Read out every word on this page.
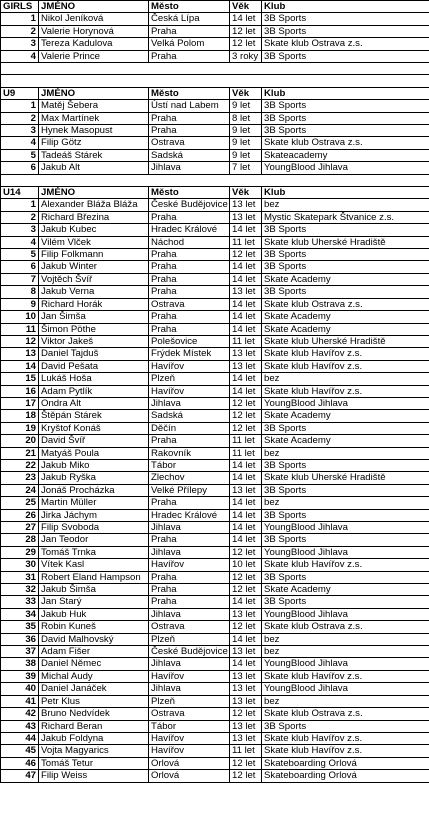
GIRLS	JMÉNO	Město	Věk	Klub
1	Nikol Jeníková	Česká Lípa	14 let	3B Sports
2	Valerie Horynová	Praha	12 let	3B Sports
3	Tereza Kadulova	Velká Polom	12 let	Skate klub Ostrava z.s.
4	Valerie Prince	Praha	3 roky	3B Sports

U9	JMÉNO	Město	Věk	Klub
1	Matěj Šebera	Ústí nad Labem	9 let	3B Sports
2	Max Martínek	Praha	8 let	3B Sports
3	Hynek Masopust	Praha	9 let	3B Sports
4	Filip Götz	Ostrava	9 let	Skate klub Ostrava z.s.
5	Tadeáš Stárek	Sadská	9 let	Skateacademy
6	Jakub Alt	Jihlava	7 let	YoungBlood Jihlava

U14	JMÉNO	Město	Věk	Klub
1	Alexander Bláža Bláža	České Budějovice	13 let	bez
2	Richard Březina	Praha	13 let	Mystic Skatepark Štvanice z.s.
3	Jakub Kubec	Hradec Králové	14 let	3B Sports
4	Vilém Vlček	Náchod	11 let	Skate klub Uherské Hradiště
5	Filip Folkmann	Praha	12 let	3B Sports
6	Jakub Winter	Praha	14 let	3B Sports
7	Vojtěch Švíř	Praha	14 let	Skate Academy
8	Jakub Verna	Praha	13 let	3B Sports
9	Richard Horák	Ostrava	14 let	Skate klub Ostrava z.s.
10	Jan Šimša	Praha	14 let	Skate Academy
11	Šimon Pöthe	Praha	14 let	Skate Academy
12	Viktor Jakeš	Polešovice	11 let	Skate klub Uherské Hradiště
13	Daniel Tajduš	Frýdek Místek	13 let	Skate klub Havířov z.s.
14	David Pešata	Havířov	13 let	Skate klub Havířov z.s.
15	Lukáš Hoša	Plzeň	14 let	bez
16	Adam Pytlík	Havířov	14 let	Skate klub Havířov z.s.
17	Ondra Alt	Jihlava	12 let	YoungBlood Jihlava
18	Štěpán Stárek	Sadská	12 let	Skate Academy
19	Kryštof Konáš	Děčín	12 let	3B Sports
20	David Švíř	Praha	11 let	Skate Academy
21	Matyáš Poula	Rakovník	11 let	bez
22	Jakub Miko	Tábor	14 let	3B Sports
23	Jakub Ryška	Zlechov	14 let	Skate klub Uherské Hradiště
24	Jonáš Procházka	Velké Přílepy	13 let	3B Sports
25	Martin Müller	Praha	14 let	bez
26	Jirka Jáchym	Hradec Králové	14 let	3B Sports
27	Filip Svoboda	Jihlava	14 let	YoungBlood Jihlava
28	Jan Teodor	Praha	14 let	3B Sports
29	Tomáš Trnka	Jihlava	12 let	YoungBlood Jihlava
30	Vítek Kasl	Havířov	10 let	Skate klub Havířov z.s.
31	Robert Eland Hampson	Praha	12 let	3B Sports
32	Jakub Šimša	Praha	12 let	Skate Academy
33	Jan Starý	Praha	14 let	3B Sports
34	Jakub Huk	Jihlava	13 let	YoungBlood Jihlava
35	Robin Kuneš	Ostrava	12 let	Skate klub Ostrava z.s.
36	David Malhovský	Plzeň	14 let	bez
37	Adam Fišer	České Budějovice	13 let	bez
38	Daniel Němec	Jihlava	14 let	YoungBlood Jihlava
39	Michal Audy	Havířov	13 let	Skate klub Havířov z.s.
40	Daniel Janáček	Jihlava	13 let	YoungBlood Jihlava
41	Petr Klus	Plzeň	13 let	bez
42	Bruno Nedvídek	Ostrava	12 let	Skate klub Ostrava z.s.
43	Richard Beran	Tábor	13 let	3B Sports
44	Jakub Foldyna	Havířov	13 let	Skate klub Havířov z.s.
45	Vojta Magyarics	Havířov	11 let	Skate klub Havířov z.s.
46	Tomáš Tetur	Orlová	12 let	Skateboarding Orlová
47	Filip Weiss	Orlová	12 let	Skateboarding Orlová
